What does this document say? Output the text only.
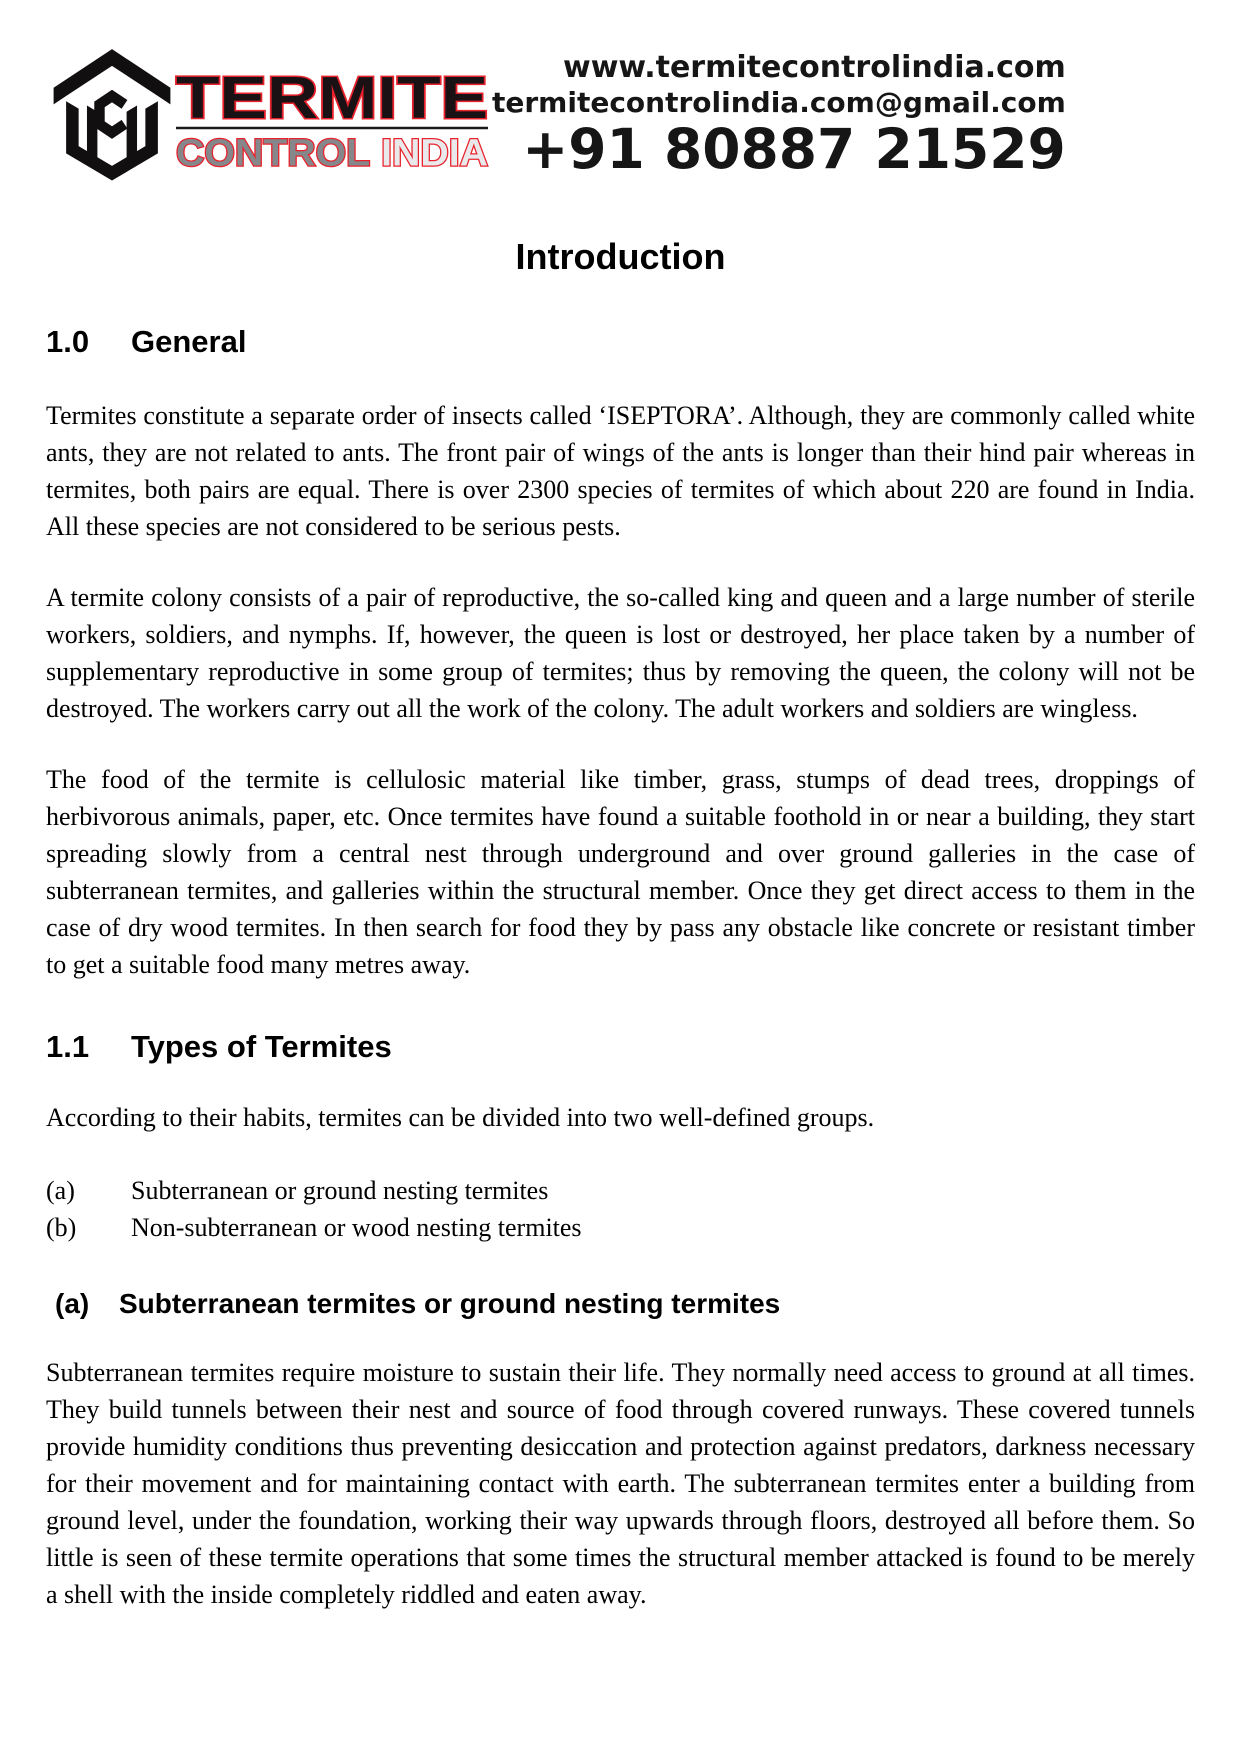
TERMITE
CONTROL INDIA
www.termitecontrolindia.com
termitecontrolindia.com@gmail.com
+91 80887 21529
Introduction
1.0	General

Termites constitute a separate order of insects called ‘ISEPTORA’. Although, they are commonly called white ants, they are not related to ants. The front pair of wings of the ants is longer than their hind pair whereas in termites, both pairs are equal. There is over 2300 species of termites of which about 220 are found in India. All these species are not considered to be serious pests.

A termite colony consists of a pair of reproductive, the so-called king and queen and a large number of sterile workers, soldiers, and nymphs. If, however, the queen is lost or destroyed, her place taken by a number of supplementary reproductive in some group of termites; thus by removing the queen, the colony will not be destroyed. The workers carry out all the work of the colony. The adult workers and soldiers are wingless.

The food of the termite is cellulosic material like timber, grass, stumps of dead trees, droppings of herbivorous animals, paper, etc. Once termites have found a suitable foothold in or near a building, they start spreading slowly from a central nest through underground and over ground galleries in the case of subterranean termites, and galleries within the structural member. Once they get direct access to them in the case of dry wood termites. In then search for food they by pass any obstacle like concrete or resistant timber to get a suitable food many metres away.

1.1	Types of Termites

According to their habits, termites can be divided into two well-defined groups.

(a)	Subterranean or ground nesting termites
(b)	Non-subterranean or wood nesting termites
(a)	Subterranean termites or ground nesting termites

Subterranean termites require moisture to sustain their life. They normally need access to ground at all times. They build tunnels between their nest and source of food through covered runways. These covered tunnels provide humidity conditions thus preventing desiccation and protection against predators, darkness necessary for their movement and for maintaining contact with earth. The subterranean termites enter a building from ground level, under the foundation, working their way upwards through floors, destroyed all before them. So little is seen of these termite operations that some times the structural member attacked is found to be merely a shell with the inside completely riddled and eaten away.
